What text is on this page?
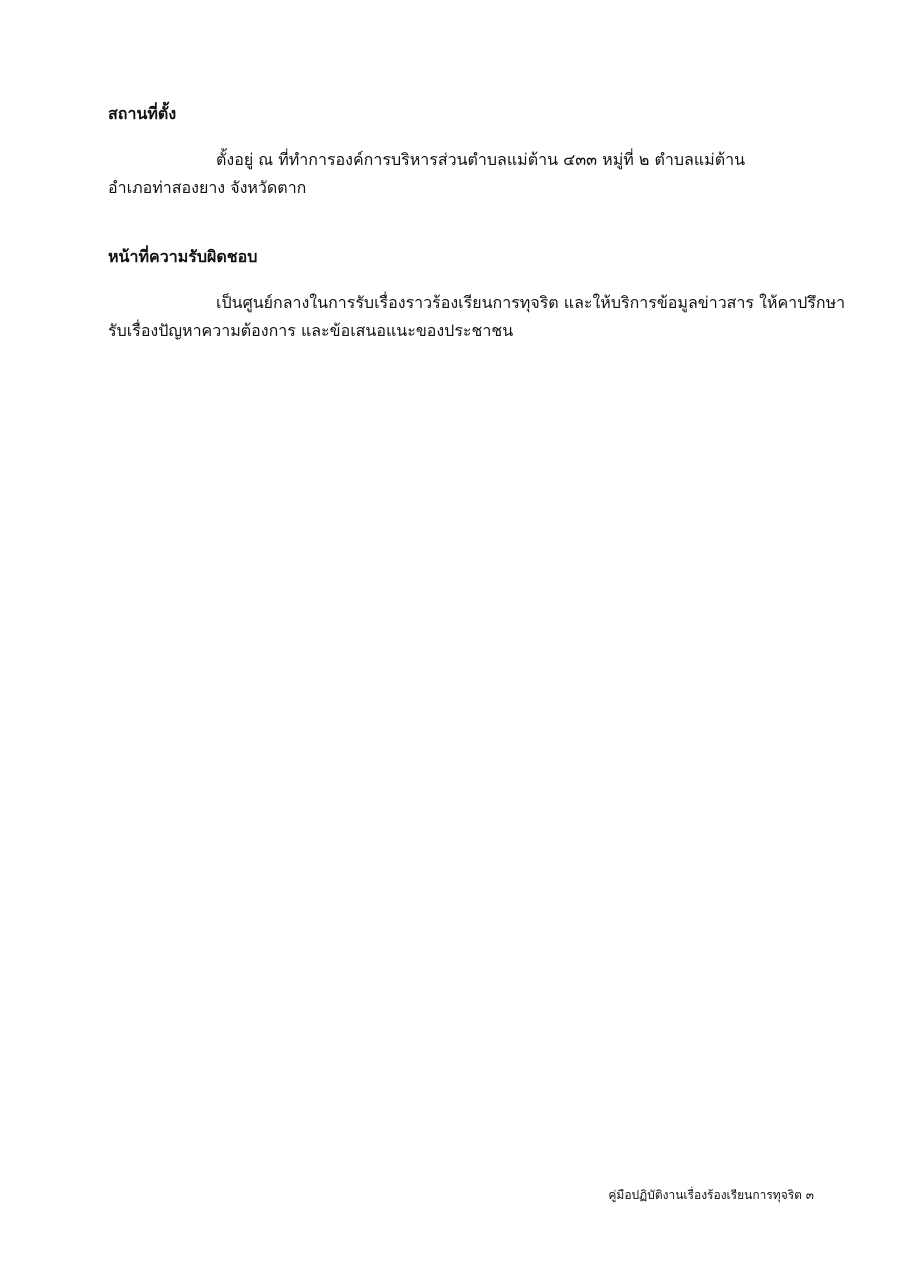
สถานที่ตั้ง

ตั้งอยู่ ณ ที่ทำการองค์การบริหารส่วนตำบลแม่ต้าน ๔๓๓ หมู่ที่ ๒ ตำบลแม่ต้าน
อำเภอท่าสองยาง จังหวัดตาก

หน้าที่ความรับผิดชอบ

เป็นศูนย์กลางในการรับเรื่องราวร้องเรียนการทุจริต และให้บริการข้อมูลข่าวสาร ให้คาปรึกษา
รับเรื่องปัญหาความต้องการ และข้อเสนอแนะของประชาชน

คู่มือปฏิบัติงานเรื่องร้องเรียนการทุจริต ๓
